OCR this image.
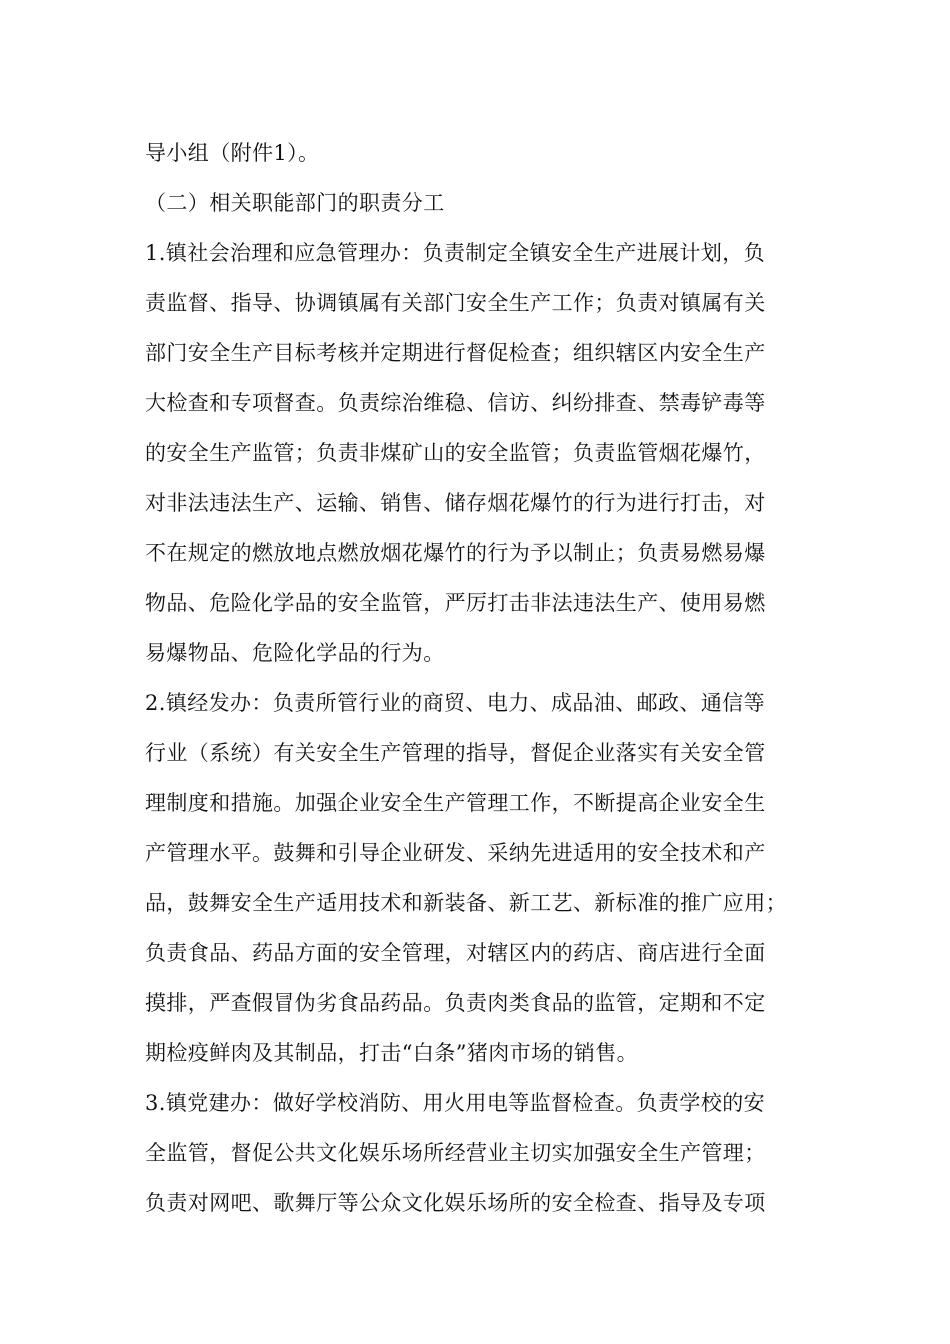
导小组（附件1）。
（二）相关职能部门的职责分工
1.镇社会治理和应急管理办：负责制定全镇安全生产进展计划，负
责监督、指导、协调镇属有关部门安全生产工作；负责对镇属有关
部门安全生产目标考核并定期进行督促检查；组织辖区内安全生产
大检查和专项督查。负责综治维稳、信访、纠纷排查、禁毒铲毒等
的安全生产监管；负责非煤矿山的安全监管；负责监管烟花爆竹，
对非法违法生产、运输、销售、储存烟花爆竹的行为进行打击，对
不在规定的燃放地点燃放烟花爆竹的行为予以制止；负责易燃易爆
物品、危险化学品的安全监管，严厉打击非法违法生产、使用易燃
易爆物品、危险化学品的行为。
2.镇经发办：负责所管行业的商贸、电力、成品油、邮政、通信等
行业（系统）有关安全生产管理的指导，督促企业落实有关安全管
理制度和措施。加强企业安全生产管理工作，不断提高企业安全生
产管理水平。鼓舞和引导企业研发、采纳先进适用的安全技术和产
品，鼓舞安全生产适用技术和新装备、新工艺、新标准的推广应用；
负责食品、药品方面的安全管理，对辖区内的药店、商店进行全面
摸排，严查假冒伪劣食品药品。负责肉类食品的监管，定期和不定
期检疫鲜肉及其制品，打击“白条”猪肉市场的销售。
3.镇党建办：做好学校消防、用火用电等监督检查。负责学校的安
全监管，督促公共文化娱乐场所经营业主切实加强安全生产管理；
负责对网吧、歌舞厅等公众文化娱乐场所的安全检查、指导及专项
